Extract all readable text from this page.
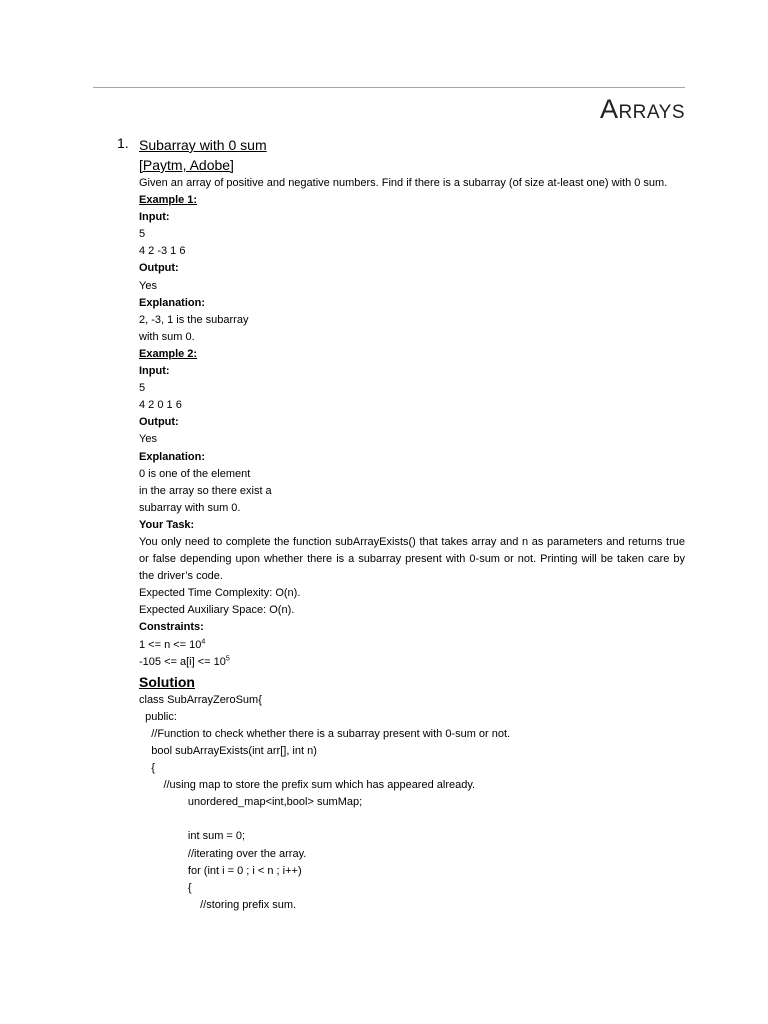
Arrays
1. Subarray with 0 sum
[Paytm, Adobe]
Given an array of positive and negative numbers. Find if there is a subarray (of size at-least one) with 0 sum.
Example 1:
Input:
5
4 2 -3 1 6
Output:
Yes
Explanation:
2, -3, 1 is the subarray
with sum 0.
Example 2:
Input:
5
4 2 0 1 6
Output:
Yes
Explanation:
0 is one of the element
in the array so there exist a
subarray with sum 0.
Your Task:
You only need to complete the function subArrayExists() that takes array and n as parameters and returns true or false depending upon whether there is a subarray present with 0-sum or not. Printing will be taken care by the driver’s code.
Expected Time Complexity: O(n).
Expected Auxiliary Space: O(n).
Constraints:
$1 <= n <= 10^4$
$-105 <= a[i] <= 10^5$
Solution
class SubArrayZeroSum{
public:
//Function to check whether there is a subarray present with 0-sum or not.
bool subArrayExists(int arr[], int n)
{
//using map to store the prefix sum which has appeared already.
unordered_map<int,bool> sumMap;

int sum = 0;
//iterating over the array.
for (int i = 0 ; i < n ; i++)
{
//storing prefix sum.
